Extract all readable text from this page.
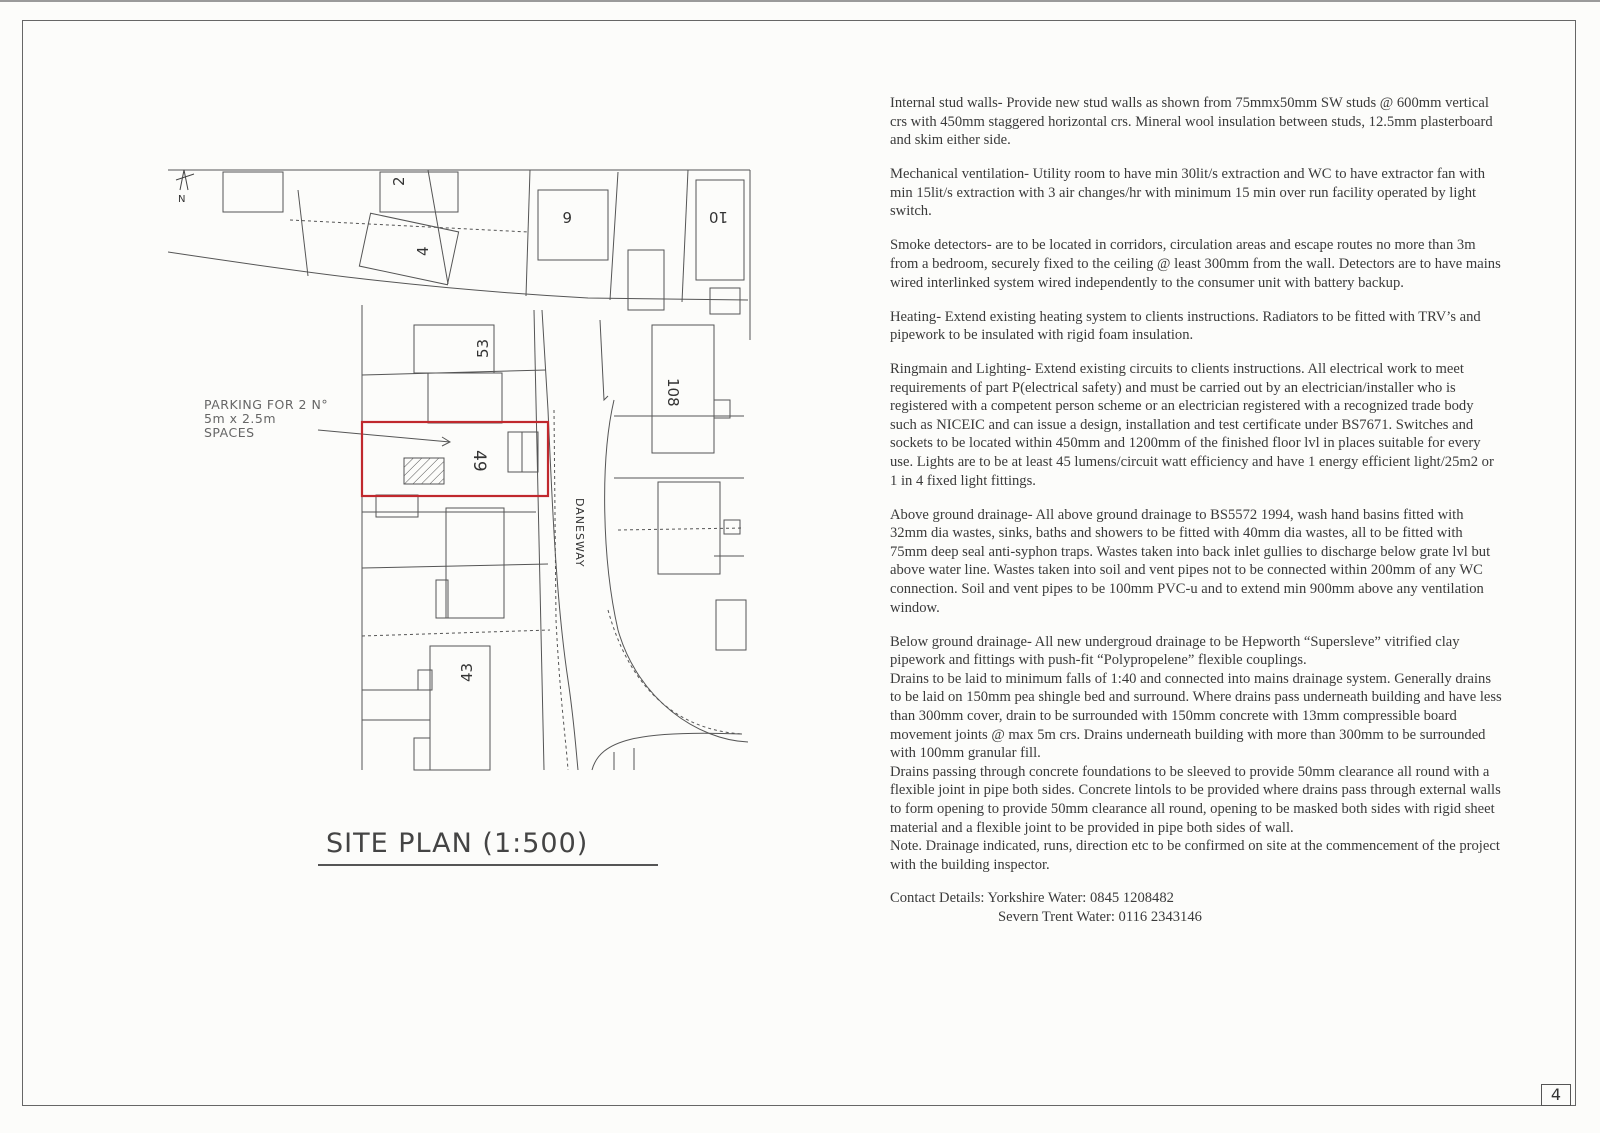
N
2
4
6	10
53
108
49
43
DANESWAY
PARKING FOR 2 N°
5m x 2.5m
SPACES
SITE PLAN (1:500)

Internal stud walls- Provide new stud walls as shown from 75mmx50mm SW studs @ 600mm vertical crs with 450mm staggered horizontal crs. Mineral wool insulation between studs, 12.5mm plasterboard and skim either side.

Mechanical ventilation- Utility room to have min 30lit/s extraction and WC to have extractor fan with min 15lit/s extraction with 3 air changes/hr with minimum 15 min over run facility operated by light switch.

Smoke detectors- are to be located in corridors, circulation areas and escape routes no more than 3m from a bedroom, securely fixed to the ceiling @ least 300mm from the wall. Detectors are to have mains wired interlinked system wired independently to the consumer unit with battery backup.

Heating- Extend existing heating system to clients instructions. Radiators to be fitted with TRV’s and pipework to be insulated with rigid foam insulation.

Ringmain and Lighting- Extend existing circuits to clients instructions. All electrical work to meet requirements of part P(electrical safety) and must be carried out by an electrician/installer who is registered with a competent person scheme or an electrician registered with a recognized trade body such as NICEIC and can issue a design, installation and test certificate under BS7671. Switches and sockets to be located within 450mm and 1200mm of the finished floor lvl in places suitable for every use. Lights are to be at least 45 lumens/circuit watt efficiency and have 1 energy efficient light/25m2 or 1 in 4 fixed light fittings.

Above ground drainage- All above ground drainage to BS5572 1994, wash hand basins fitted with 32mm dia wastes, sinks, baths and showers to be fitted with 40mm dia wastes, all to be fitted with 75mm deep seal anti-syphon traps. Wastes taken into back inlet gullies to discharge below grate lvl but above water line. Wastes taken into soil and vent pipes not to be connected within 200mm of any WC connection. Soil and vent pipes to be 100mm PVC-u and to extend min 900mm above any ventilation window.

Below ground drainage- All new undergroud drainage to be Hepworth “Supersleve” vitrified clay pipework and fittings with push-fit “Polypropelene” flexible couplings.

Drains to be laid to minimum falls of 1:40 and connected into mains drainage system. Generally drains to be laid on 150mm pea shingle bed and surround. Where drains pass underneath building and have less than 300mm cover, drain to be surrounded with 150mm concrete with 13mm compressible board movement joints @ max 5m crs. Drains underneath building with more than 300mm to be surrounded with 100mm granular fill.

Drains passing through concrete foundations to be sleeved to provide 50mm clearance all round with a flexible joint in pipe both sides. Concrete lintols to be provided where drains pass through external walls to form opening to provide 50mm clearance all round, opening to be masked both sides with rigid sheet material and a flexible joint to be provided in pipe both sides of wall.

Note. Drainage indicated, runs, direction etc to be confirmed on site at the commencement of the project with the building inspector.

Contact Details: Yorkshire Water: 0845 1208482
Severn Trent Water: 0116 2343146
4
